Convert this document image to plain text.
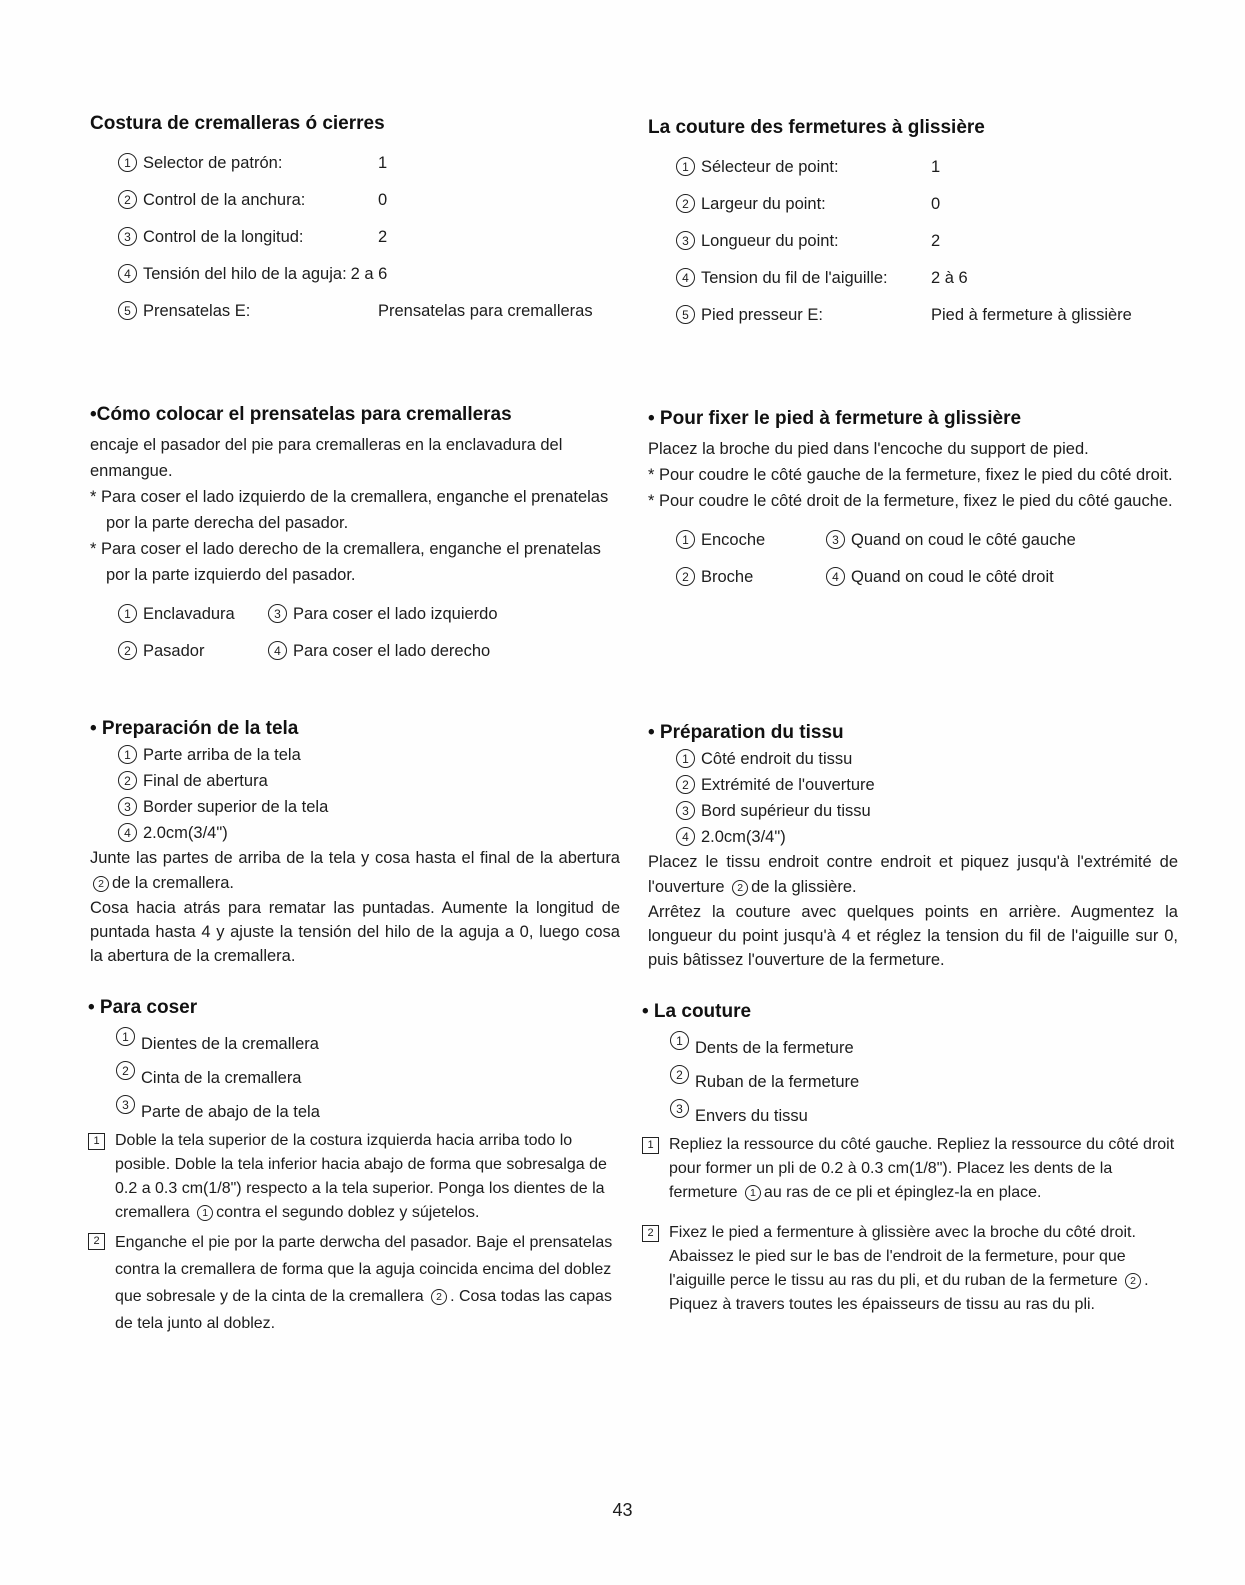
Costura de cremalleras ó cierres
1 Selector de patrón:	1
2 Control de la anchura:	0
3 Control de la longitud:	2
4 Tensión del hilo de la aguja: 2 a 6
5 Prensatelas E:	Prensatelas para cremalleras
La couture des fermetures à glissière
1 Sélecteur de point:	1
2 Largeur du point:	0
3 Longueur du point:	2
4 Tension du fil de l'aiguille:	2 à 6
5 Pied presseur E:	Pied à fermeture à glissière
•Cómo colocar el prensatelas para cremalleras
encaje el pasador del pie para cremalleras en la enclavadura del enmangue.
* Para coser el lado izquierdo de la cremallera, enganche el prenatelas por la parte derecha del pasador.
* Para coser el lado derecho de la cremallera, enganche el prenatelas por la parte izquierdo del pasador.
1 Enclavadura	3 Para coser el lado izquierdo
2 Pasador	4 Para coser el lado derecho
• Pour fixer le pied à fermeture à glissière
Placez la broche du pied dans l'encoche du support de pied.
* Pour coudre le côté gauche de la fermeture, fixez le pied du côté droit.
* Pour coudre le côté droit de la fermeture, fixez le pied du côté gauche.
1 Encoche	3 Quand on coud le côté gauche
2 Broche	4 Quand on coud le côté droit
• Preparación de la tela
1 Parte arriba de la tela
2 Final de abertura
3 Border superior de la tela
4 2.0cm(3/4")
Junte las partes de arriba de la tela y cosa hasta el final de la abertura 2 de la cremallera.
Cosa hacia atrás para rematar las puntadas. Aumente la longitud de puntada hasta 4 y ajuste la tensión del hilo de la aguja a 0, luego cosa la abertura de la cremallera.
• Préparation du tissu
1 Côté endroit du tissu
2 Extrémité de l'ouverture
3 Bord supérieur du tissu
4 2.0cm(3/4")
Placez le tissu endroit contre endroit et piquez jusqu'à l'extrémité de l'ouverture 2 de la glissière.
Arrêtez la couture avec quelques points en arrière. Augmentez la longueur du point jusqu'à 4 et réglez la tension du fil de l'aiguille sur 0, puis bâtissez l'ouverture de la fermeture.
• Para coser
1 Dientes de la cremallera
2 Cinta de la cremallera
3 Parte de abajo de la tela
1 Doble la tela superior de la costura izquierda hacia arriba todo lo posible. Doble la tela inferior hacia abajo de forma que sobresalga de 0.2 a 0.3 cm(1/8") respecto a la tela superior. Ponga los dientes de la cremallera 1 contra el segundo doblez y sújetelos.
2 Enganche el pie por la parte derwcha del pasador. Baje el prensatelas contra la cremallera de forma que la aguja coincida encima del doblez que sobresale y de la cinta de la cremallera 2 . Cosa todas las capas de tela junto al doblez.
• La couture
1 Dents de la fermeture
2 Ruban de la fermeture
3 Envers du tissu
1 Repliez la ressource du côté gauche. Repliez la ressource du côté droit pour former un pli de 0.2 à 0.3 cm(1/8"). Placez les dents de la fermeture 1 au ras de ce pli et épinglez-la en place.
2 Fixez le pied a fermenture à glissière avec la broche du côté droit. Abaissez le pied sur le bas de l'endroit de la fermeture, pour que l'aiguille perce le tissu au ras du pli, et du ruban de la fermeture 2 .
Piquez à travers toutes les épaisseurs de tissu au ras du pli.
43
